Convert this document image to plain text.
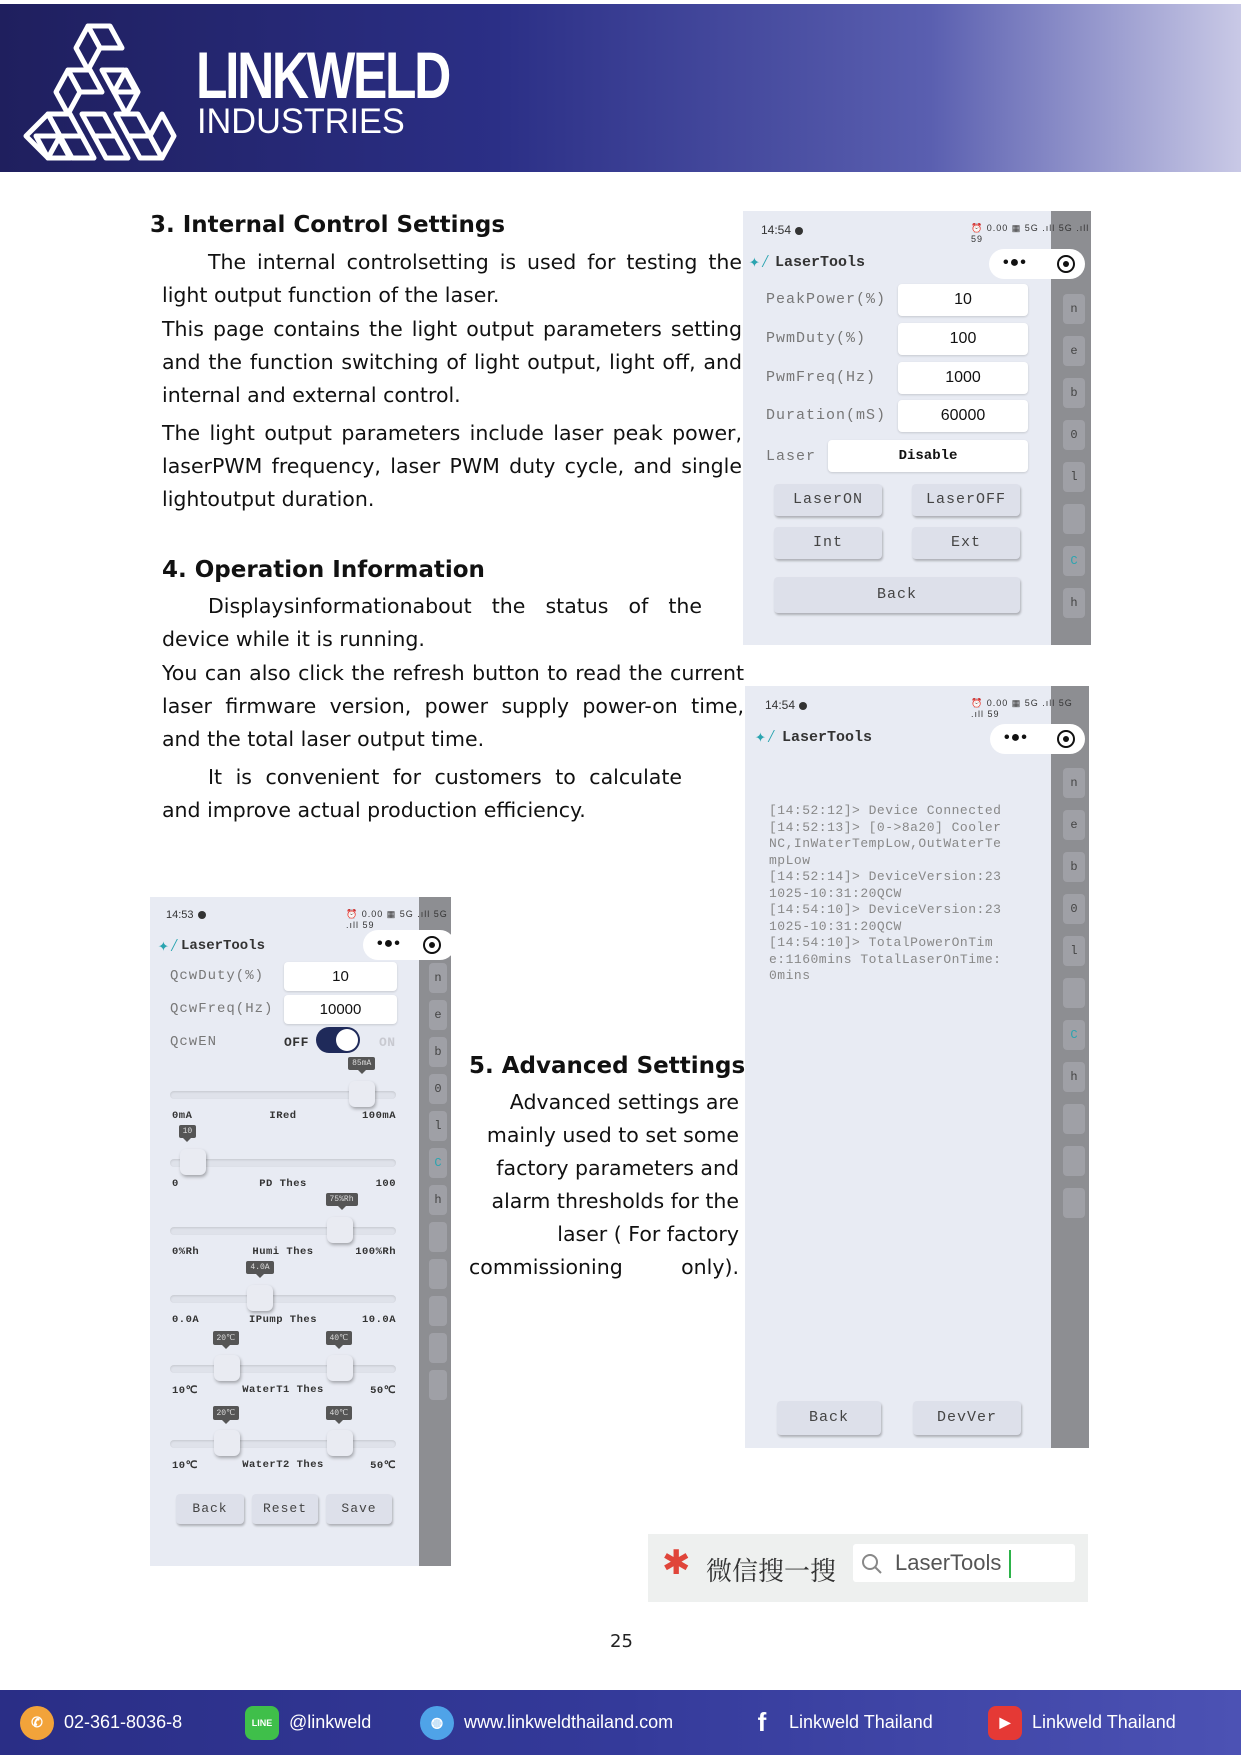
LINKWELD
INDUSTRIES
3. Internal Control Settings
The internal controlsetting is used for testing the light output function of the laser.
This page contains the light output parameters setting and the function switching of light output, light off, and internal and external control.
The light output parameters include laser peak power, laserPWM frequency, laser PWM duty cycle, and single lightoutput duration.
4. Operation Information
Displaysinformationabout the status of the device while it is running.
You can also click the refresh button to read the current laser firmware version, power supply power-on time, and the total laser output time.
It is convenient for customers to calculate and improve actual production efficiency.
5. Advanced Settings
Advanced settings are mainly used to set some factory parameters and alarm thresholds for the laser ( For factory commissioning only).
14:54	⏰ 0.00 ▦ 5G .ıll 5G .ıll 59
✦⁄ LaserTools	•●•
PeakPower(%)	10
PwmDuty(%)	100
PwmFreq(Hz)	1000
Duration(mS)	60000
Laser	Disable
LaserON	LaserOFF
Int	Ext
Back
n
e
b
0
l
C
h
14:54	⏰ 0.00 ▦ 5G .ıll 5G .ıll 59
✦⁄ LaserTools	•●•
[14:52:12]> Device Connected
[14:52:13]> [0->8a20] Cooler
NC,InWaterTempLow,OutWaterTe
mpLow
[14:52:14]> DeviceVersion:23
1025-10:31:20QCW
[14:54:10]> DeviceVersion:23
1025-10:31:20QCW
[14:54:10]> TotalPowerOnTim
e:1160mins TotalLaserOnTime:
0mins
Back	DevVer
n
e
b
0
l
C
h
14:53	⏰ 0.00 ▦ 5G .ıll 5G .ıll 59
✦⁄ LaserTools	•●•
QcwDuty(%)	10
QcwFreq(Hz)	10000
QcwEN	OFF	ON
85mA
0mA	IRed	100mA
10
0	PD Thes	100
75%Rh
0%Rh	Humi Thes	100%Rh
4.0A
0.0A	IPump Thes	10.0A
20℃	40℃
10℃	WaterT1 Thes	50℃
20℃	40℃
10℃	WaterT2 Thes	50℃
Back	Reset	Save
n
e
b
0
l
C
h
✱ 微信搜一搜	LaserTools
25
✆	02-361-8036-8	LINE @linkweld	◍	www.linkweldthailand.com	f	Linkweld Thailand	▶	Linkweld Thailand
